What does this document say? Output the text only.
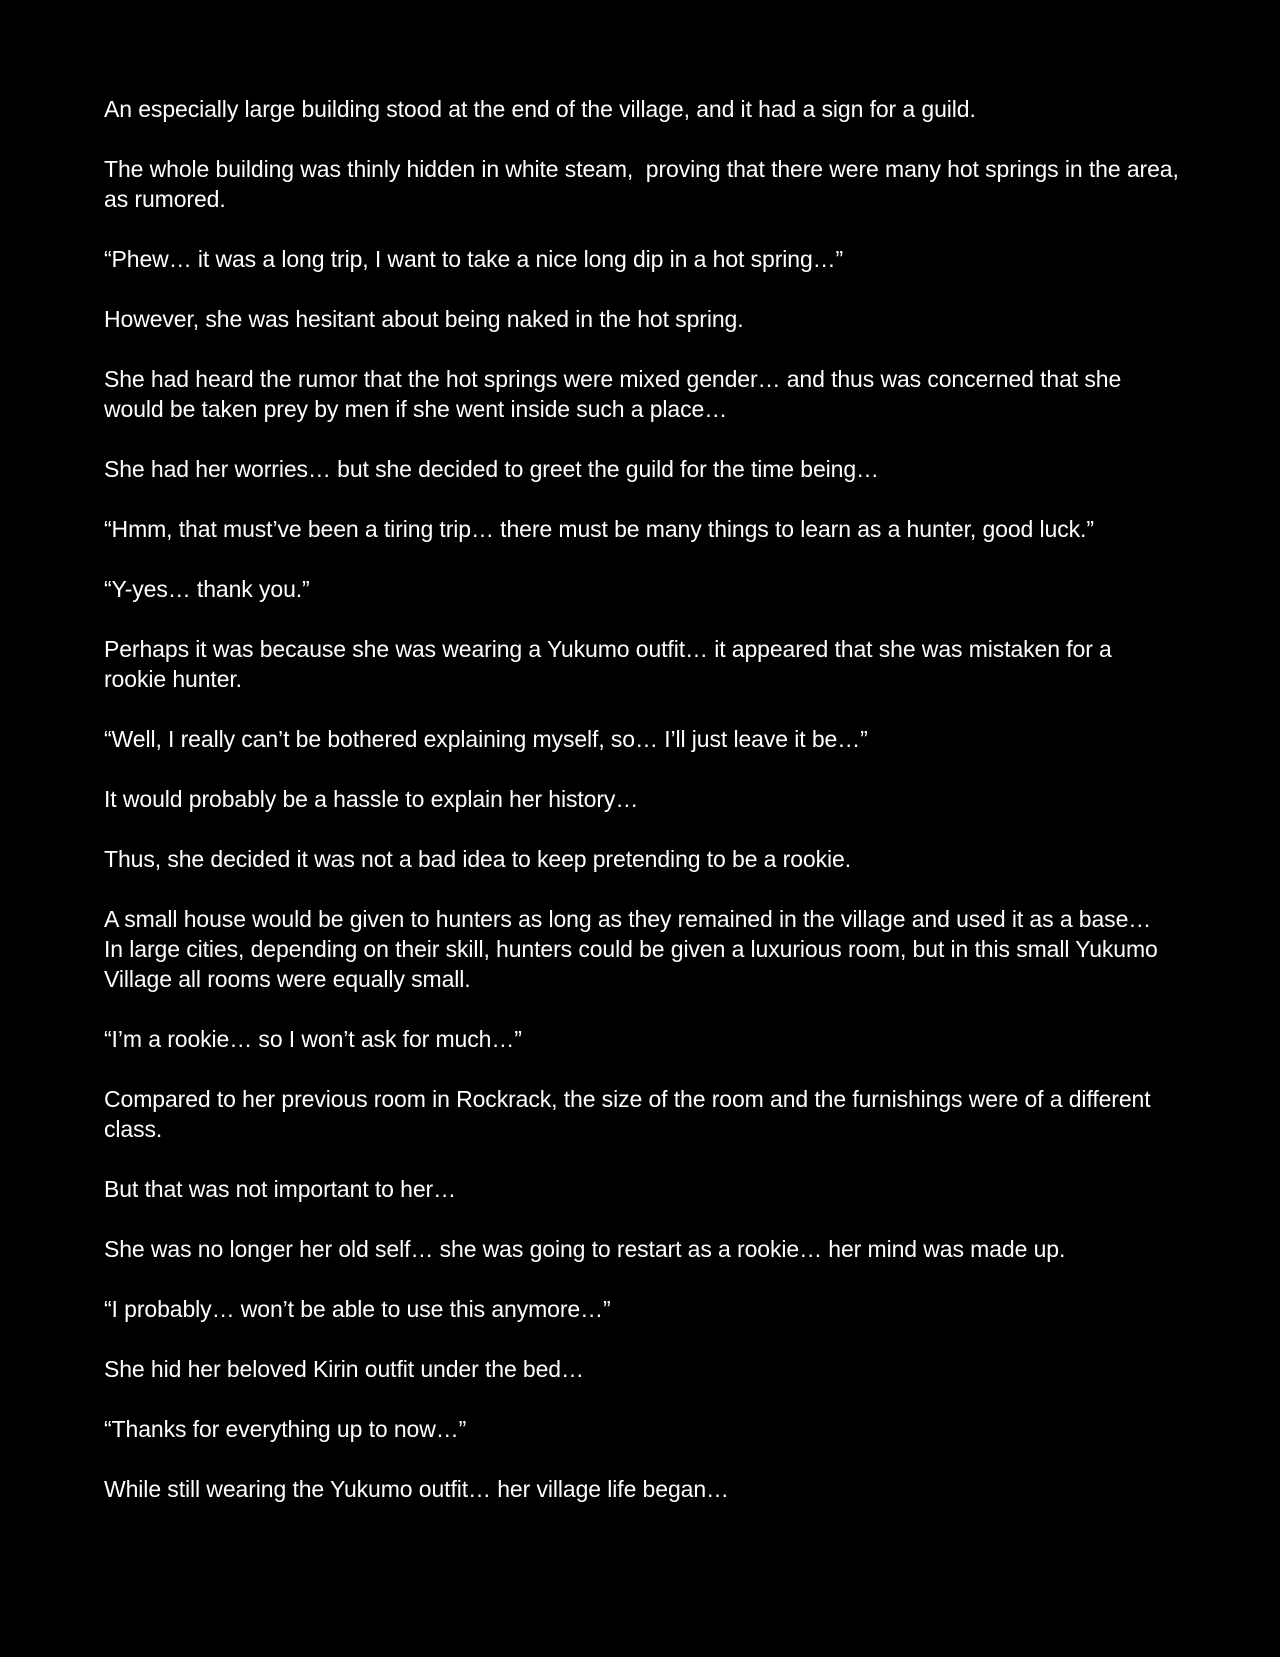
An especially large building stood at the end of the village, and it had a sign for a guild.

The whole building was thinly hidden in white steam,  proving that there were many hot springs in the area, as rumored.

“Phew… it was a long trip, I want to take a nice long dip in a hot spring…”

However, she was hesitant about being naked in the hot spring.

She had heard the rumor that the hot springs were mixed gender… and thus was concerned that she would be taken prey by men if she went inside such a place…

She had her worries… but she decided to greet the guild for the time being…

“Hmm, that must’ve been a tiring trip… there must be many things to learn as a hunter, good luck.”

“Y-yes… thank you.”

Perhaps it was because she was wearing a Yukumo outfit… it appeared that she was mistaken for a rookie hunter.

“Well, I really can’t be bothered explaining myself, so… I’ll just leave it be…”

It would probably be a hassle to explain her history…

Thus, she decided it was not a bad idea to keep pretending to be a rookie.

A small house would be given to hunters as long as they remained in the village and used it as a base…  In large cities, depending on their skill, hunters could be given a luxurious room, but in this small Yukumo Village all rooms were equally small.

“I’m a rookie… so I won’t ask for much…”

Compared to her previous room in Rockrack, the size of the room and the furnishings were of a different class.

But that was not important to her…

She was no longer her old self… she was going to restart as a rookie… her mind was made up.

“I probably… won’t be able to use this anymore…”

She hid her beloved Kirin outfit under the bed…

“Thanks for everything up to now…”

While still wearing the Yukumo outfit… her village life began…
